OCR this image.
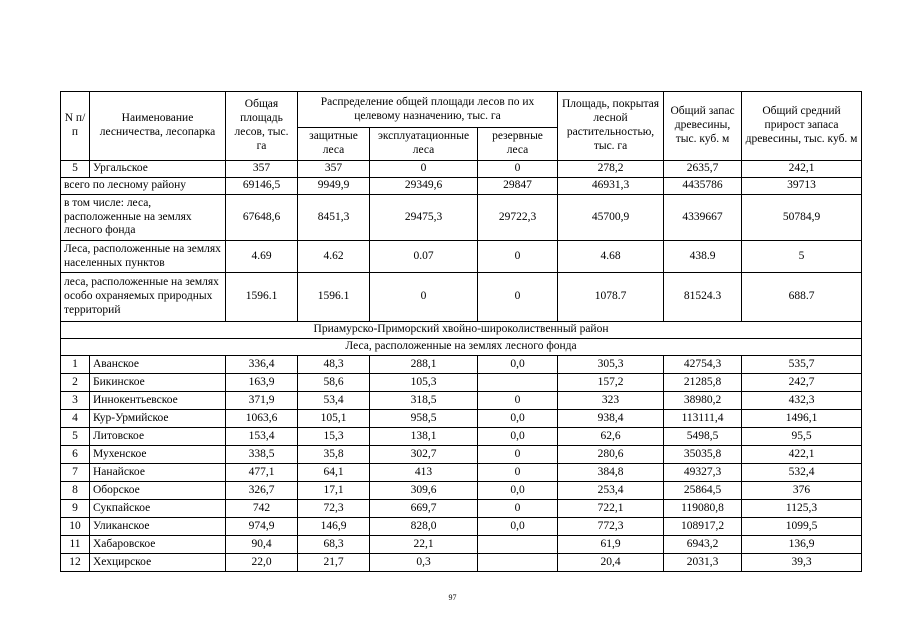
N п/п	Наименование лесничества, лесопарка	Общая площадь лесов, тыс. га	Распределение общей площади лесов по их целевому назначению, тыс. га			Площадь, покрытая лесной растительностью, тыс. га	Общий запас древесины, тыс. куб. м	Общий средний прирост запаса древесины, тыс. куб. м
			защитные леса	эксплуатационные леса	резервные леса			
5	Ургальское	357	357	0	0	278,2	2635,7	242,1
всего по лесному району		69146,5	9949,9	29349,6	29847	46931,3	4435786	39713
в том числе: леса, расположенные на землях лесного фонда		67648,6	8451,3	29475,3	29722,3	45700,9	4339667	50784,9
Леса, расположенные на землях населенных пунктов		4.69	4.62	0.07	0	4.68	438.9	5
леса, расположенные на землях особо охраняемых природных территорий		1596.1	1596.1	0	0	1078.7	81524.3	688.7
Приамурско-Приморский хвойно-широколиственный район								
Леса, расположенные на землях лесного фонда								
1	Аванское	336,4	48,3	288,1	0,0	305,3	42754,3	535,7
2	Бикинское	163,9	58,6	105,3		157,2	21285,8	242,7
3	Иннокентьевское	371,9	53,4	318,5	0	323	38980,2	432,3
4	Кур-Урмийское	1063,6	105,1	958,5	0,0	938,4	113111,4	1496,1
5	Литовское	153,4	15,3	138,1	0,0	62,6	5498,5	95,5
6	Мухенское	338,5	35,8	302,7	0	280,6	35035,8	422,1
7	Нанайское	477,1	64,1	413	0	384,8	49327,3	532,4
8	Оборское	326,7	17,1	309,6	0,0	253,4	25864,5	376
9	Сукпайское	742	72,3	669,7	0	722,1	119080,8	1125,3
10	Уликанское	974,9	146,9	828,0	0,0	772,3	108917,2	1099,5
11	Хабаровское	90,4	68,3	22,1		61,9	6943,2	136,9
12	Хехцирское	22,0	21,7	0,3		20,4	2031,3	39,3
97
